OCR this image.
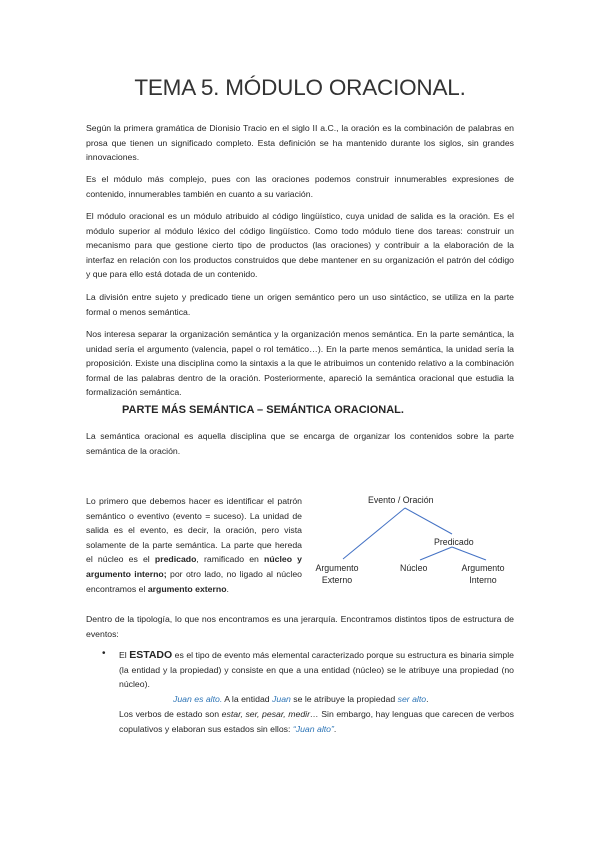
TEMA 5. MÓDULO ORACIONAL.

Según la primera gramática de Dionisio Tracio en el siglo II a.C., la oración es la combinación de palabras en prosa que tienen un significado completo. Esta definición se ha mantenido durante los siglos, sin grandes innovaciones.

Es el módulo más complejo, pues con las oraciones podemos construir innumerables expresiones de contenido, innumerables también en cuanto a su variación.

El módulo oracional es un módulo atribuido al código lingüístico, cuya unidad de salida es la oración. Es el módulo superior al módulo léxico del código lingüístico. Como todo módulo tiene dos tareas: construir un mecanismo para que gestione cierto tipo de productos (las oraciones) y contribuir a la elaboración de la interfaz en relación con los productos construidos que debe mantener en su organización el patrón del código y que para ello está dotada de un contenido.

La división entre sujeto y predicado tiene un origen semántico pero un uso sintáctico, se utiliza en la parte formal o menos semántica.

Nos interesa separar la organización semántica y la organización menos semántica. En la parte semántica, la unidad sería el argumento (valencia, papel o rol temático…). En la parte menos semántica, la unidad sería la proposición. Existe una disciplina como la sintaxis a la que le atribuimos un contenido relativo a la combinación formal de las palabras dentro de la oración. Posteriormente, apareció la semántica oracional que estudia la formalización semántica.

PARTE MÁS SEMÁNTICA – SEMÁNTICA ORACIONAL.

La semántica oracional es aquella disciplina que se encarga de organizar los contenidos sobre la parte semántica de la oración.

Lo primero que debemos hacer es identificar el patrón semántico o eventivo (evento = suceso). La unidad de salida es el evento, es decir, la oración, pero vista solamente de la parte semántica. La parte que hereda el núcleo es el predicado, ramificado en núcleo y argumento interno; por otro lado, no ligado al núcleo encontramos el argumento externo.

Evento / Oración
Predicado
Argumento
Externo
Núcleo	Argumento
Interno

Dentro de la tipología, lo que nos encontramos es una jerarquía. Encontramos distintos tipos de estructura de eventos:

• El ESTADO es el tipo de evento más elemental caracterizado porque su estructura es binaria simple (la entidad y la propiedad) y consiste en que a una entidad (núcleo) se le atribuye una propiedad (no núcleo).

Juan es alto. A la entidad Juan se le atribuye la propiedad ser alto.

Los verbos de estado son estar, ser, pesar, medir… Sin embargo, hay lenguas que carecen de verbos copulativos y elaboran sus estados sin ellos: “Juan alto”.
